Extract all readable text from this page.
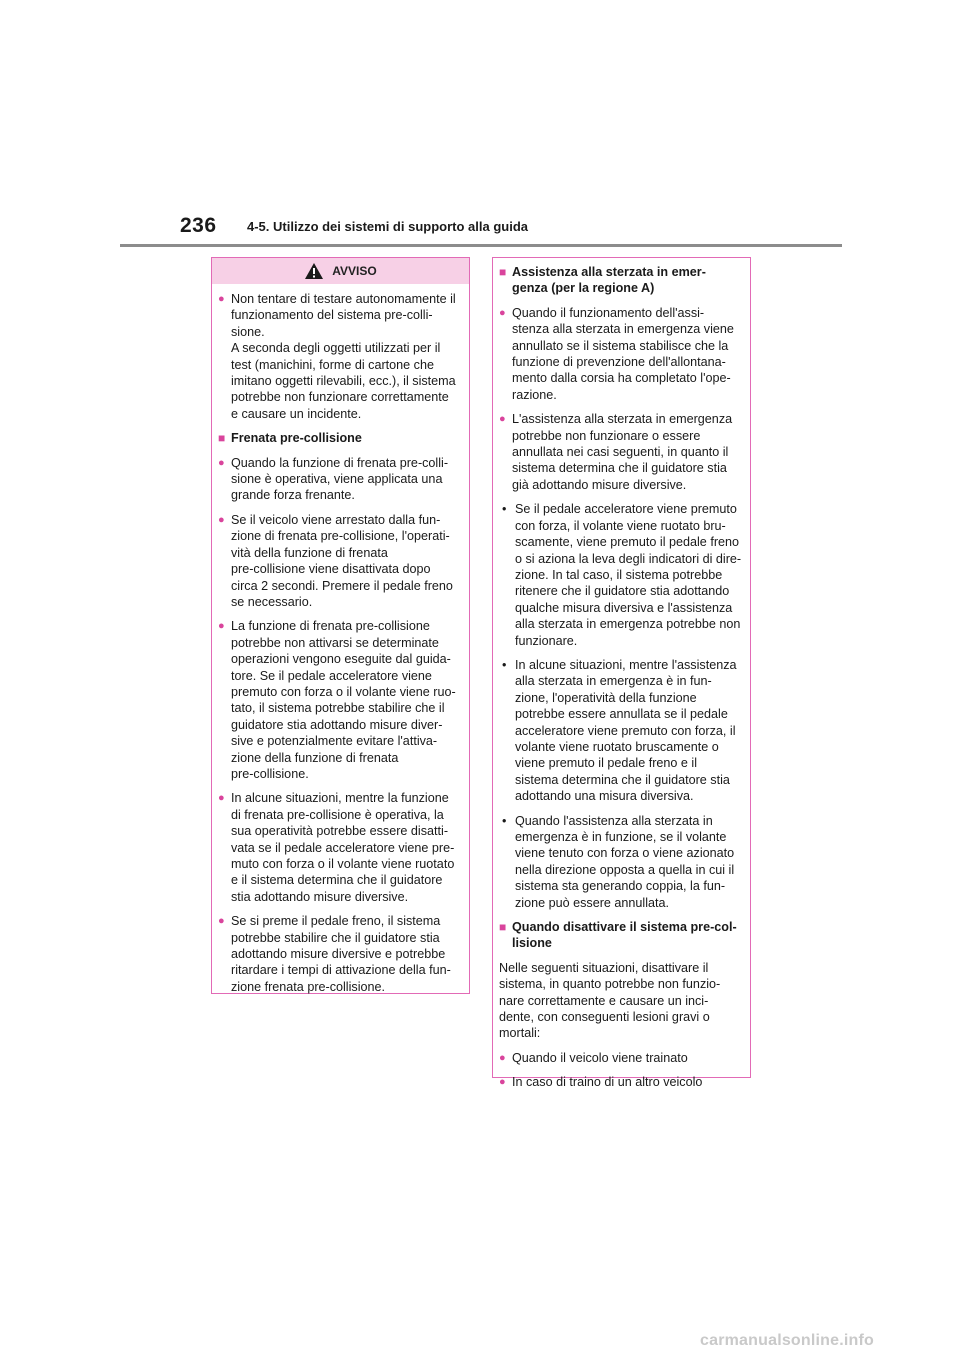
236 4-5. Utilizzo dei sistemi di supporto alla guida
AVVISO
● Non tentare di testare autonomamente il
funzionamento del sistema pre-colli-
sione.
A seconda degli oggetti utilizzati per il
test (manichini, forme di cartone che
imitano oggetti rilevabili, ecc.), il sistema
potrebbe non funzionare correttamente
e causare un incidente.
■ Frenata pre-collisione
● Quando la funzione di frenata pre-colli-
sione è operativa, viene applicata una
grande forza frenante.
● Se il veicolo viene arrestato dalla fun-
zione di frenata pre-collisione, l'operati-
vità della funzione di frenata
pre-collisione viene disattivata dopo
circa 2 secondi. Premere il pedale freno
se necessario.
● La funzione di frenata pre-collisione
potrebbe non attivarsi se determinate
operazioni vengono eseguite dal guida-
tore. Se il pedale acceleratore viene
premuto con forza o il volante viene ruo-
tato, il sistema potrebbe stabilire che il
guidatore stia adottando misure diver-
sive e potenzialmente evitare l'attiva-
zione della funzione di frenata
pre-collisione.
● In alcune situazioni, mentre la funzione
di frenata pre-collisione è operativa, la
sua operatività potrebbe essere disatti-
vata se il pedale acceleratore viene pre-
muto con forza o il volante viene ruotato
e il sistema determina che il guidatore
stia adottando misure diversive.
● Se si preme il pedale freno, il sistema
potrebbe stabilire che il guidatore stia
adottando misure diversive e potrebbe
ritardare i tempi di attivazione della fun-
zione frenata pre-collisione.
■ Assistenza alla sterzata in emer-
genza (per la regione A)
● Quando il funzionamento dell'assi-
stenza alla sterzata in emergenza viene
annullato se il sistema stabilisce che la
funzione di prevenzione dell'allontana-
mento dalla corsia ha completato l'ope-
razione.
● L'assistenza alla sterzata in emergenza
potrebbe non funzionare o essere
annullata nei casi seguenti, in quanto il
sistema determina che il guidatore stia
già adottando misure diversive.
• Se il pedale acceleratore viene premuto
con forza, il volante viene ruotato bru-
scamente, viene premuto il pedale freno
o si aziona la leva degli indicatori di dire-
zione. In tal caso, il sistema potrebbe
ritenere che il guidatore stia adottando
qualche misura diversiva e l'assistenza
alla sterzata in emergenza potrebbe non
funzionare.
• In alcune situazioni, mentre l'assistenza
alla sterzata in emergenza è in fun-
zione, l'operatività della funzione
potrebbe essere annullata se il pedale
acceleratore viene premuto con forza, il
volante viene ruotato bruscamente o
viene premuto il pedale freno e il
sistema determina che il guidatore stia
adottando una misura diversiva.
• Quando l'assistenza alla sterzata in
emergenza è in funzione, se il volante
viene tenuto con forza o viene azionato
nella direzione opposta a quella in cui il
sistema sta generando coppia, la fun-
zione può essere annullata.
■ Quando disattivare il sistema pre-col-
lisione
Nelle seguenti situazioni, disattivare il
sistema, in quanto potrebbe non funzio-
nare correttamente e causare un inci-
dente, con conseguenti lesioni gravi o
mortali:
● Quando il veicolo viene trainato
● In caso di traino di un altro veicolo
carmanualsonline.info
